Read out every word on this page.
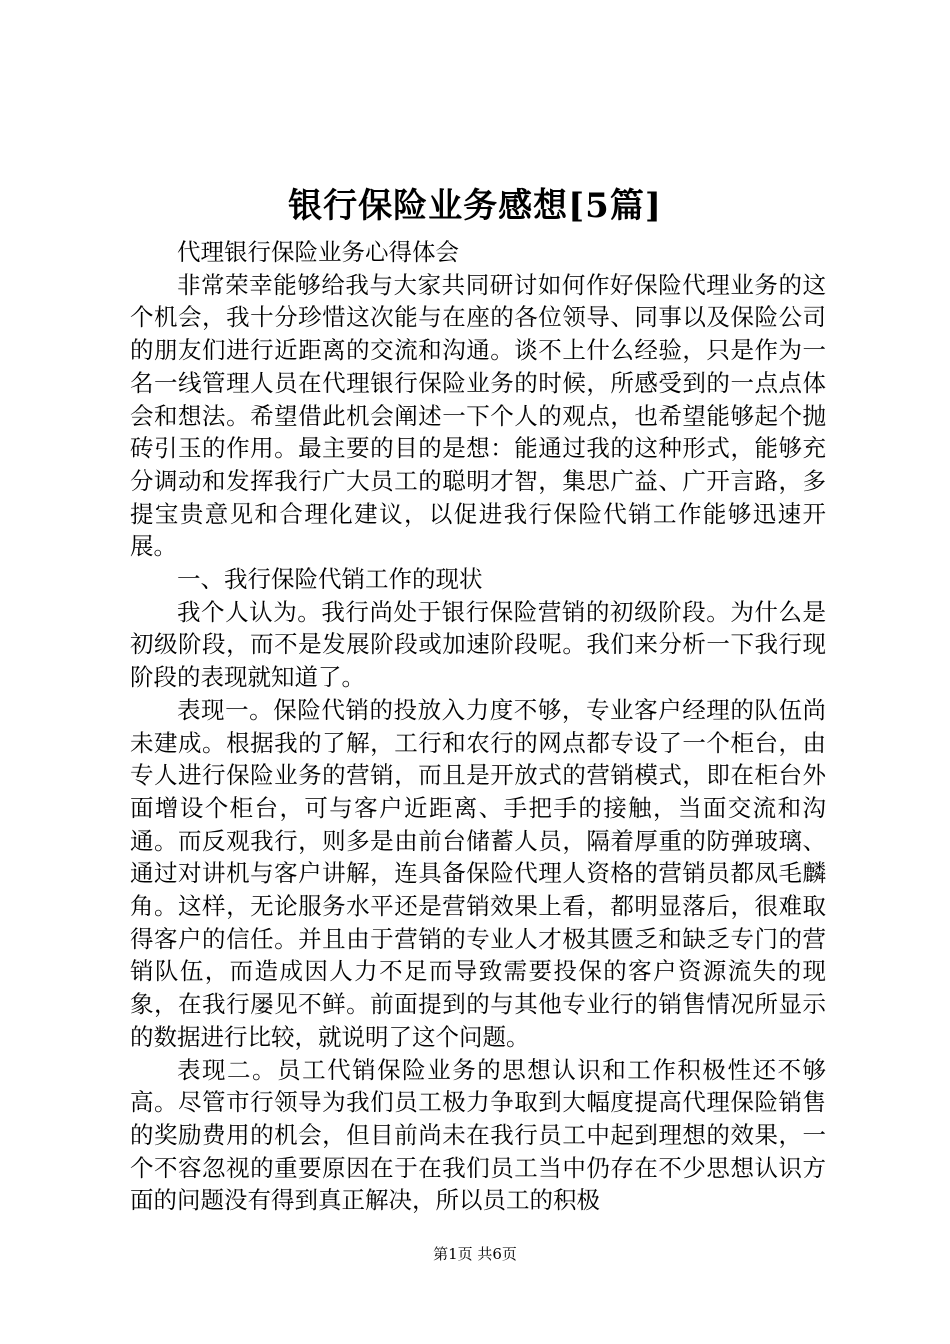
银行保险业务感想[5篇]

代理银行保险业务心得体会

非常荣幸能够给我与大家共同研讨如何作好保险代理业务的这个机会，我十分珍惜这次能与在座的各位领导、同事以及保险公司的朋友们进行近距离的交流和沟通。谈不上什么经验，只是作为一名一线管理人员在代理银行保险业务的时候，所感受到的一点点体会和想法。希望借此机会阐述一下个人的观点，也希望能够起个抛砖引玉的作用。最主要的目的是想：能通过我的这种形式，能够充分调动和发挥我行广大员工的聪明才智，集思广益、广开言路，多提宝贵意见和合理化建议，以促进我行保险代销工作能够迅速开展。

一、我行保险代销工作的现状

我个人认为。我行尚处于银行保险营销的初级阶段。为什么是初级阶段，而不是发展阶段或加速阶段呢。我们来分析一下我行现阶段的表现就知道了。

表现一。保险代销的投放入力度不够，专业客户经理的队伍尚未建成。根据我的了解，工行和农行的网点都专设了一个柜台，由专人进行保险业务的营销，而且是开放式的营销模式，即在柜台外面增设个柜台，可与客户近距离、手把手的接触，当面交流和沟通。而反观我行，则多是由前台储蓄人员，隔着厚重的防弹玻璃、通过对讲机与客户讲解，连具备保险代理人资格的营销员都凤毛麟角。这样，无论服务水平还是营销效果上看，都明显落后，很难取得客户的信任。并且由于营销的专业人才极其匮乏和缺乏专门的营销队伍，而造成因人力不足而导致需要投保的客户资源流失的现象，在我行屡见不鲜。前面提到的与其他专业行的销售情况所显示的数据进行比较，就说明了这个问题。

表现二。员工代销保险业务的思想认识和工作积极性还不够高。尽管市行领导为我们员工极力争取到大幅度提高代理保险销售的奖励费用的机会，但目前尚未在我行员工中起到理想的效果，一个不容忽视的重要原因在于在我们员工当中仍存在不少思想认识方面的问题没有得到真正解决，所以员工的积极

第1页 共6页
